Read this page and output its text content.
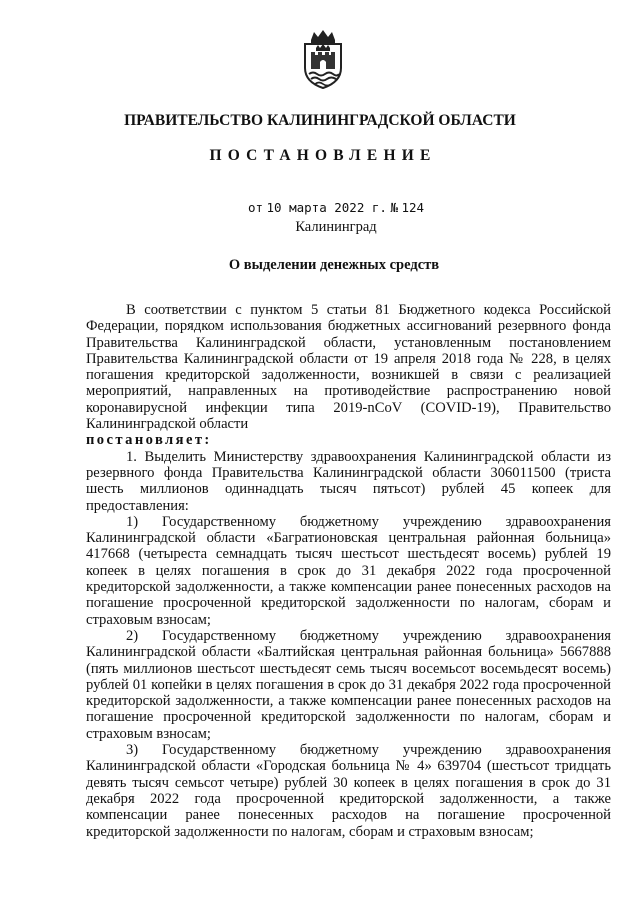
ПРАВИТЕЛЬСТВО КАЛИНИНГРАДСКОЙ ОБЛАСТИ
ПОСТАНОВЛЕНИЕ
от 10 марта 2022 г. № 124
Калининград
О выделении денежных средств

В соответствии с пунктом 5 статьи 81 Бюджетного кодекса Российской Федерации, порядком использования бюджетных ассигнований резервного фонда Правительства Калининградской области, установленным постановлением Правительства Калининградской области от 19 апреля 2018 года № 228, в целях погашения кредиторской задолженности, возникшей в связи с реализацией мероприятий, направленных на противодействие распространению новой коронавирусной инфекции типа 2019-nCoV (COVID-19), Правительство Калининградской области

постановляет:

1. Выделить Министерству здравоохранения Калининградской области из резервного фонда Правительства Калининградской области 306011500 (триста шесть миллионов одиннадцать тысяч пятьсот) рублей 45 копеек для предоставления:

1) Государственному бюджетному учреждению здравоохранения Калининградской области «Багратионовская центральная районная больница» 417668 (четыреста семнадцать тысяч шестьсот шестьдесят восемь) рублей 19 копеек в целях погашения в срок до 31 декабря 2022 года просроченной кредиторской задолженности, а также компенсации ранее понесенных расходов на погашение просроченной кредиторской задолженности по налогам, сборам и страховым взносам;

2) Государственному бюджетному учреждению здравоохранения Калининградской области «Балтийская центральная районная больница» 5667888 (пять миллионов шестьсот шестьдесят семь тысяч восемьсот восемьдесят восемь) рублей 01 копейки в целях погашения в срок до 31 декабря 2022 года просроченной кредиторской задолженности, а также компенсации ранее понесенных расходов на погашение просроченной кредиторской задолженности по налогам, сборам и страховым взносам;

3) Государственному бюджетному учреждению здравоохранения Калининградской области «Городская больница № 4» 639704 (шестьсот тридцать девять тысяч семьсот четыре) рублей 30 копеек в целях погашения в срок до 31 декабря 2022 года просроченной кредиторской задолженности, а также компенсации ранее понесенных расходов на погашение просроченной кредиторской задолженности по налогам, сборам и страховым взносам;
